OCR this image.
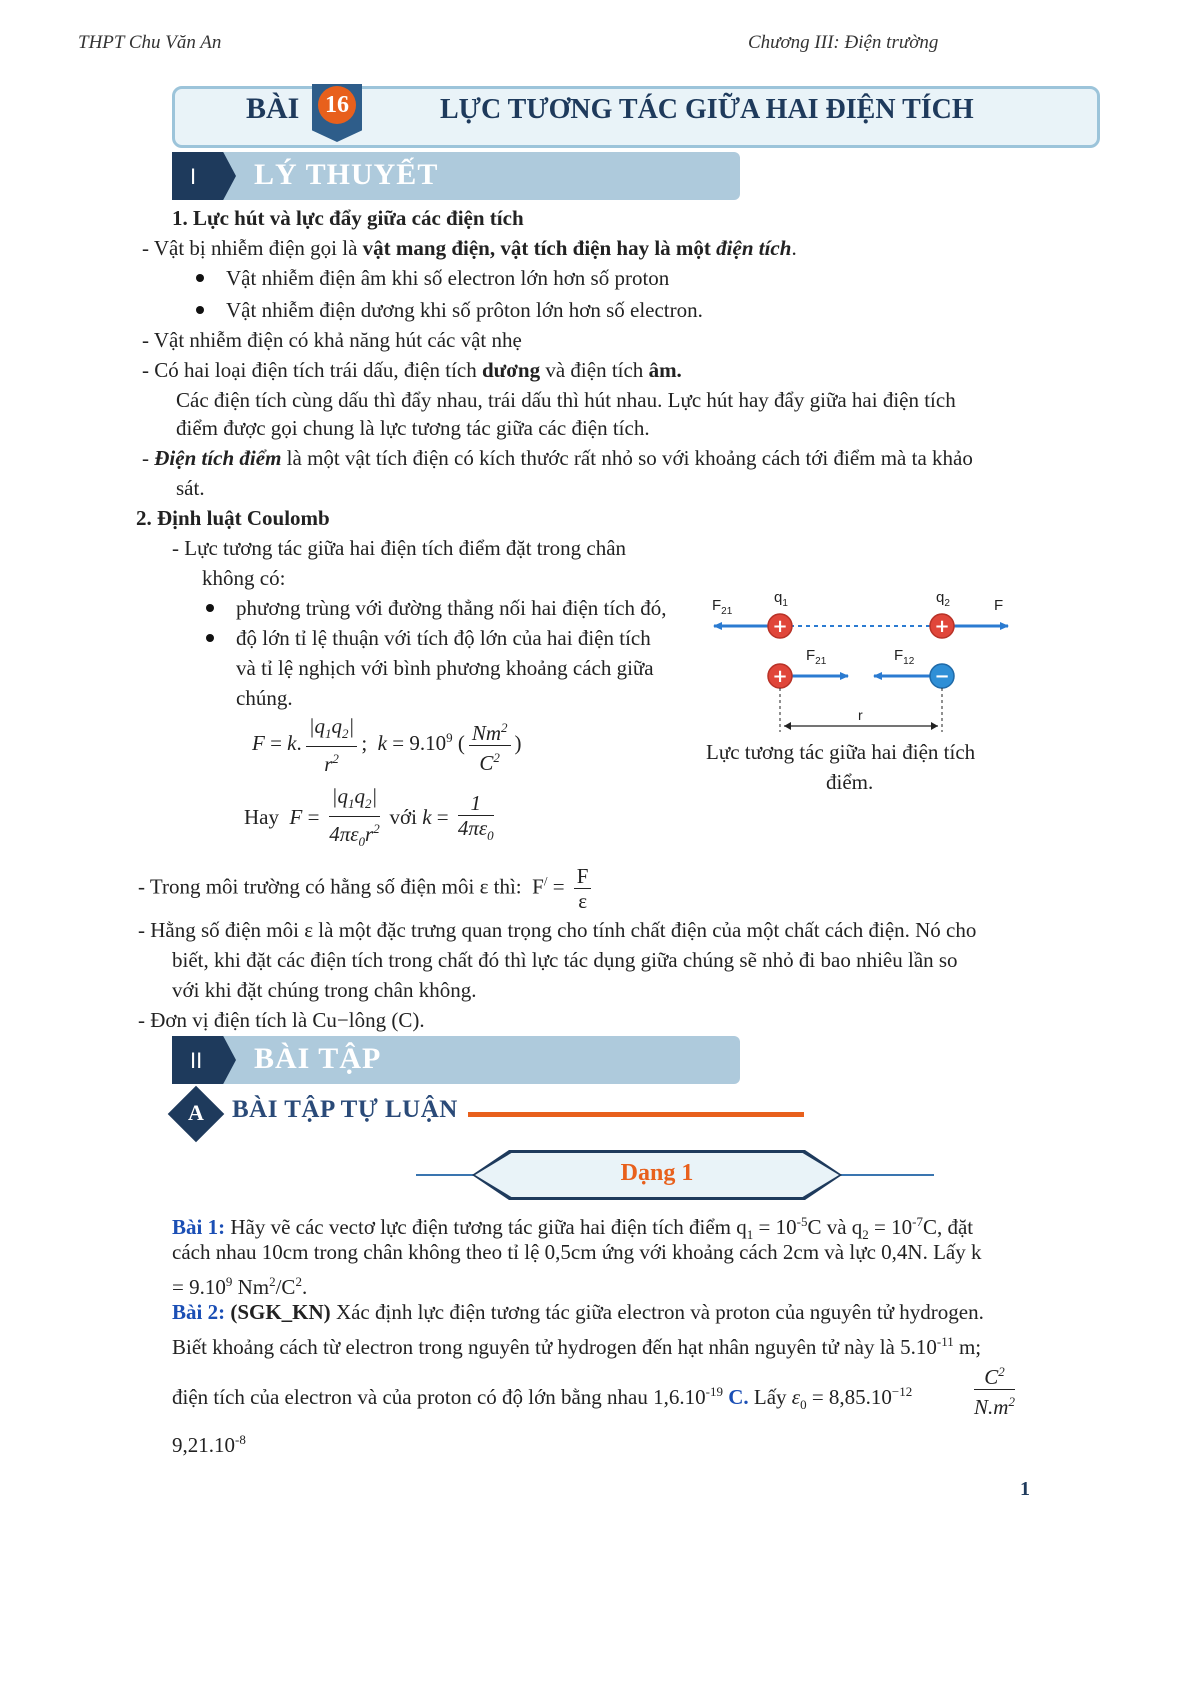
THPT Chu Văn An	Chương III: Điện trường
BÀI 16	LỰC TƯƠNG TÁC GIỮA HAI ĐIỆN TÍCH
I LÝ THUYẾT
1. Lực hút và lực đẩy giữa các điện tích
- Vật bị nhiễm điện gọi là vật mang điện, vật tích điện hay là một điện tích.
Vật nhiễm điện âm khi số electron lớn hơn số proton
Vật nhiễm điện dương khi số prôton lớn hơn số electron.
- Vật nhiễm điện có khả năng hút các vật nhẹ
- Có hai loại điện tích trái dấu, điện tích dương và điện tích âm.
Các điện tích cùng dấu thì đẩy nhau, trái dấu thì hút nhau. Lực hút hay đẩy giữa hai điện tích
điểm được gọi chung là lực tương tác giữa các điện tích.
- Điện tích điểm là một vật tích điện có kích thước rất nhỏ so với khoảng cách tới điểm mà ta khảo
sát.
2. Định luật Coulomb
- Lực tương tác giữa hai điện tích điểm đặt trong chân
không có:
phương trùng với đường thẳng nối hai điện tích đó,
độ lớn tỉ lệ thuận với tích độ lớn của hai điện tích
và tỉ lệ nghịch với bình phương khoảng cách giữa
chúng.
F = k. $\frac{|q_1q_2|}{r^2}$ ;  $k = 9.10^9$ ( $\frac{Nm^2}{C^2}$ )
Hay $F = \frac{|q_1q_2|}{4\pi\varepsilon_0r^2}$ với $k = \frac{1}{4\pi\varepsilon_0}$
+	+
$q_1$	$q_2$
$F_{21}$	F
+	−
$F_{21}$	$F_{12}$
r
Lực tương tác giữa hai điện tích
điểm.
- Trong môi trường có hằng số điện môi ε thì:  $F^/ = \frac{F}{\varepsilon}$
- Hằng số điện môi ε là một đặc trưng quan trọng cho tính chất điện của một chất cách điện. Nó cho
biết, khi đặt các điện tích trong chất đó thì lực tác dụng giữa chúng sẽ nhỏ đi bao nhiêu lần so
với khi đặt chúng trong chân không.
- Đơn vị điện tích là Cu−lông (C).
II BÀI TẬP
A BÀI TẬP TỰ LUẬN
Dạng 1
Bài 1: Hãy vẽ các vectơ lực điện tương tác giữa hai điện tích điểm $q_1 = 10^{-5}C$ và $q_2 = 10^{-7}C$, đặt
cách nhau 10cm trong chân không theo tỉ lệ 0,5cm ứng với khoảng cách 2cm và lực 0,4N. Lấy k
= $9.10^9$ $Nm^2/C^2$.
Bài 2: (SGK_KN) Xác định lực điện tương tác giữa electron và proton của nguyên tử hydrogen.
Biết khoảng cách từ electron trong nguyên tử hydrogen đến hạt nhân nguyên tử này là $5.10^{-11}$ m;
điện tích của electron và của proton có độ lớn bằng nhau $1,6.10^{-19}$ C. Lấy $\varepsilon_0 = 8,85.10^{-12}$	$\frac{C^2}{N.m^2}$
$9,21.10^{-8}$
1
